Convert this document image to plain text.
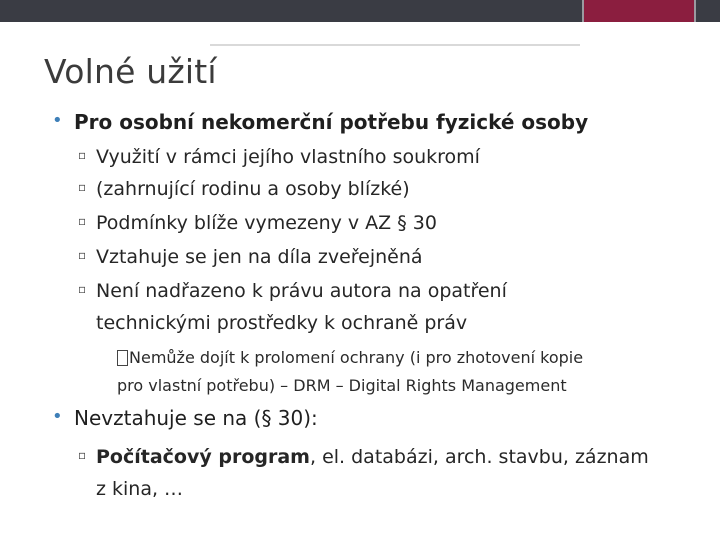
Volné užití
• Pro osobní nekomerční potřebu fyzické osoby
▫ Využití v rámci jejího vlastního soukromí
▫ (zahrnující rodinu a osoby blízké)
▫ Podmínky blíže vymezeny v AZ § 30
▫ Vztahuje se jen na díla zveřejněná
▫ Není nadřazeno k právu autora na opatření
technickými prostředky k ochraně práv
Nemůže dojít k prolomení ochrany (i pro zhotovení kopie
pro vlastní potřebu) – DRM – Digital Rights Management
• Nevztahuje se na (§ 30):
▫ Počítačový program, el. databázi, arch. stavbu, záznam
z kina, …
